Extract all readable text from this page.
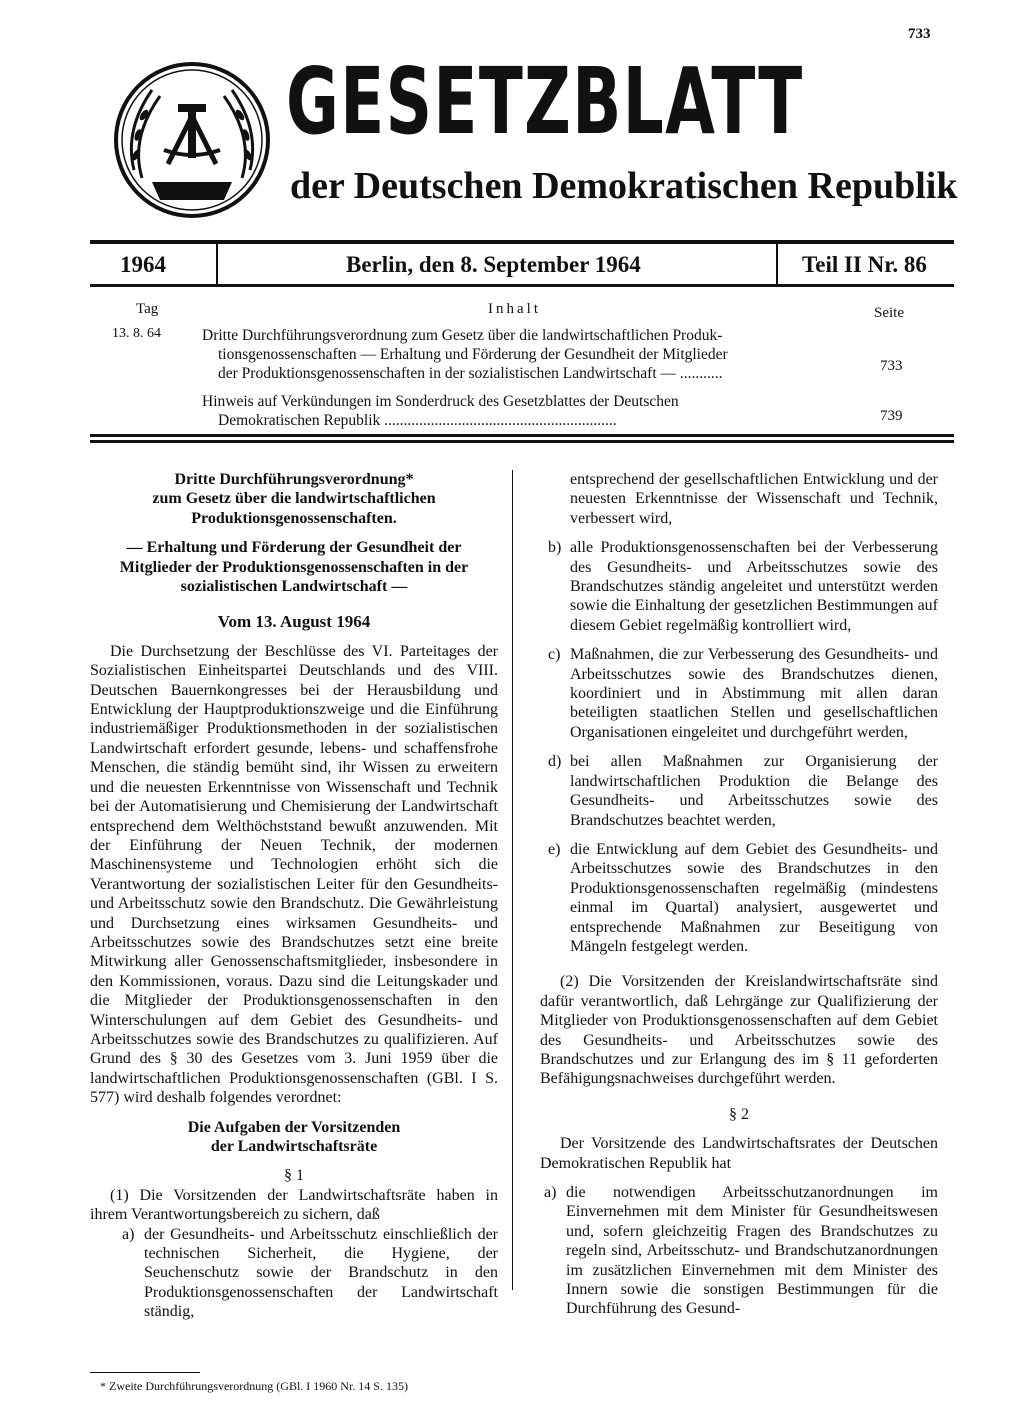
733
GESETZBLATT
der Deutschen Demokratischen Republik
1964	Berlin, den 8. September 1964	Teil II Nr. 86
Tag	Inhalt	Seite
13. 8. 64	Dritte Durchführungsverordnung zum Gesetz über die landwirtschaftlichen Produk-

tionsgenossenschaften — Erhaltung und Förderung der Gesundheit der Mitglieder
der Produktionsgenossenschaften in der sozialistischen Landwirtschaft — ...........	733
Hinweis auf Verkündungen im Sonderdruck des Gesetzblattes der Deutschen

Demokratischen Republik ............................................................	739

Dritte Durchführungsverordnung*

zum Gesetz über die landwirtschaftlichen

Produktionsgenossenschaften.

— Erhaltung und Förderung der Gesundheit der

Mitglieder der Produktionsgenossenschaften in der

sozialistischen Landwirtschaft —

Vom 13. August 1964

Die Durchsetzung der Beschlüsse des VI. Parteitages der Sozialistischen Einheitspartei Deutschlands und des VIII. Deutschen Bauernkongresses bei der Herausbildung und Entwicklung der Hauptproduktionszweige und die Einführung industriemäßiger Produktionsmethoden in der sozialistischen Landwirtschaft erfordert gesunde, lebens- und schaffensfrohe Menschen, die ständig bemüht sind, ihr Wissen zu erweitern und die neuesten Erkenntnisse von Wissenschaft und Technik bei der Automatisierung und Chemisierung der Landwirtschaft entsprechend dem Welthöchststand bewußt anzuwenden. Mit der Einführung der Neuen Technik, der modernen Maschinensysteme und Technologien erhöht sich die Verantwortung der sozialistischen Leiter für den Gesundheits- und Arbeitsschutz sowie den Brandschutz. Die Gewährleistung und Durchsetzung eines wirksamen Gesundheits- und Arbeitsschutzes sowie des Brandschutzes setzt eine breite Mitwirkung aller Genossenschaftsmitglieder, insbesondere in den Kommissionen, voraus. Dazu sind die Leitungskader und die Mitglieder der Produktionsgenossenschaften in den Winterschulungen auf dem Gebiet des Gesundheits- und Arbeitsschutzes sowie des Brandschutzes zu qualifizieren. Auf Grund des § 30 des Gesetzes vom 3. Juni 1959 über die landwirtschaftlichen Produktionsgenossenschaften (GBl. I S. 577) wird deshalb folgendes verordnet:

Die Aufgaben der Vorsitzenden

der Landwirtschaftsräte

§ 1

(1) Die Vorsitzenden der Landwirtschaftsräte haben in ihrem Verantwortungsbereich zu sichern, daß

a) der Gesundheits- und Arbeitsschutz einschließlich der technischen Sicherheit, die Hygiene, der Seuchenschutz sowie der Brandschutz in den Produktionsgenossenschaften der Landwirtschaft ständig,

entsprechend der gesellschaftlichen Entwicklung und der neuesten Erkenntnisse der Wissenschaft und Technik, verbessert wird,

b) alle Produktionsgenossenschaften bei der Verbesserung des Gesundheits- und Arbeitsschutzes sowie des Brandschutzes ständig angeleitet und unterstützt werden sowie die Einhaltung der gesetzlichen Bestimmungen auf diesem Gebiet regelmäßig kontrolliert wird,
c) Maßnahmen, die zur Verbesserung des Gesundheits- und Arbeitsschutzes sowie des Brandschutzes dienen, koordiniert und in Abstimmung mit allen daran beteiligten staatlichen Stellen und gesellschaftlichen Organisationen eingeleitet und durchgeführt werden,
d) bei allen Maßnahmen zur Organisierung der landwirtschaftlichen Produktion die Belange des Gesundheits- und Arbeitsschutzes sowie des Brandschutzes beachtet werden,
e) die Entwicklung auf dem Gebiet des Gesundheits- und Arbeitsschutzes sowie des Brandschutzes in den Produktionsgenossenschaften regelmäßig (mindestens einmal im Quartal) analysiert, ausgewertet und entsprechende Maßnahmen zur Beseitigung von Mängeln festgelegt werden.

(2) Die Vorsitzenden der Kreislandwirtschaftsräte sind dafür verantwortlich, daß Lehrgänge zur Qualifizierung der Mitglieder von Produktionsgenossenschaften auf dem Gebiet des Gesundheits- und Arbeitsschutzes sowie des Brandschutzes und zur Erlangung des im § 11 geforderten Befähigungsnachweises durchgeführt werden.

§ 2

Der Vorsitzende des Landwirtschaftsrates der Deutschen Demokratischen Republik hat

a) die notwendigen Arbeitsschutzanordnungen im Einvernehmen mit dem Minister für Gesundheitswesen und, sofern gleichzeitig Fragen des Brandschutzes zu regeln sind, Arbeitsschutz- und Brandschutzanordnungen im zusätzlichen Einvernehmen mit dem Minister des Innern sowie die sonstigen Bestimmungen für die Durchführung des Gesund-
* Zweite Durchführungsverordnung (GBl. I 1960 Nr. 14 S. 135)
